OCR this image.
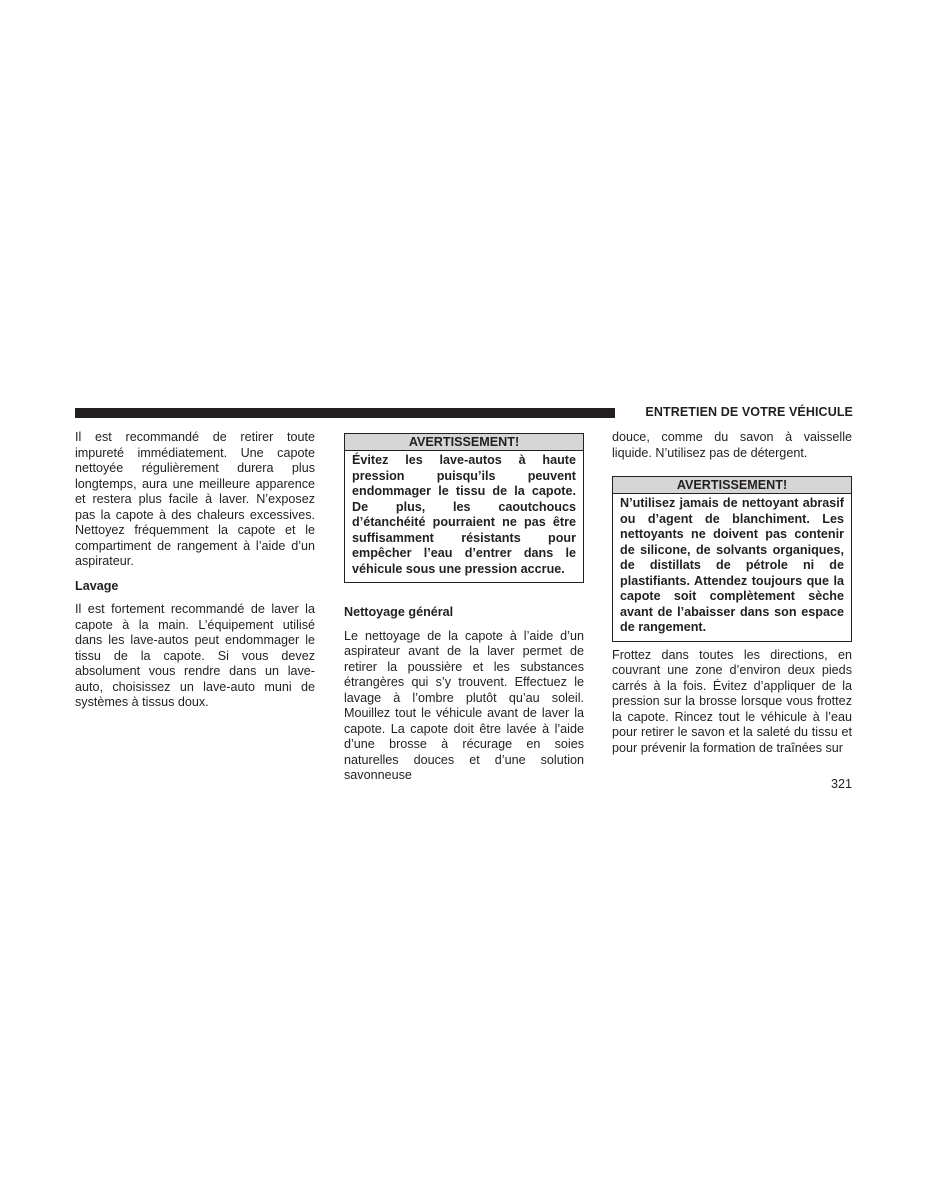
ENTRETIEN DE VOTRE VÉHICULE

Il est recommandé de retirer toute impureté immédiatement. Une capote nettoyée régulièrement durera plus longtemps, aura une meilleure apparence et restera plus facile à laver. N’exposez pas la capote à des chaleurs excessives. Nettoyez fréquemment la capote et le compartiment de rangement à l’aide d’un aspirateur.

Lavage

Il est fortement recommandé de laver la capote à la main. L’équipement utilisé dans les lave-autos peut endommager le tissu de la capote. Si vous devez absolument vous rendre dans un lave-auto, choisissez un lave-auto muni de systèmes à tissus doux.

AVERTISSEMENT!

Évitez les lave-autos à haute pression puisqu’ils peuvent endommager le tissu de la capote. De plus, les caoutchoucs d’étanchéité pourraient ne pas être suffisamment résistants pour empêcher l’eau d’entrer dans le véhicule sous une pression accrue.

Nettoyage général

Le nettoyage de la capote à l’aide d’un aspirateur avant de la laver permet de retirer la poussière et les substances étrangères qui s’y trouvent. Effectuez le lavage à l’ombre plutôt qu’au soleil. Mouillez tout le véhicule avant de laver la capote. La capote doit être lavée à l’aide d’une brosse à récurage en soies naturelles douces et d’une solution savonneuse

douce, comme du savon à vaisselle liquide. N’utilisez pas de détergent.

AVERTISSEMENT!

N’utilisez jamais de nettoyant abrasif ou d’agent de blanchiment. Les nettoyants ne doivent pas contenir de silicone, de solvants organiques, de distillats de pétrole ni de plastifiants. Attendez toujours que la capote soit complètement sèche avant de l’abaisser dans son espace de rangement.

Frottez dans toutes les directions, en couvrant une zone d’environ deux pieds carrés à la fois. Évitez d’appliquer de la pression sur la brosse lorsque vous frottez la capote. Rincez tout le véhicule à l’eau pour retirer le savon et la saleté du tissu et pour prévenir la formation de traînées sur

321
